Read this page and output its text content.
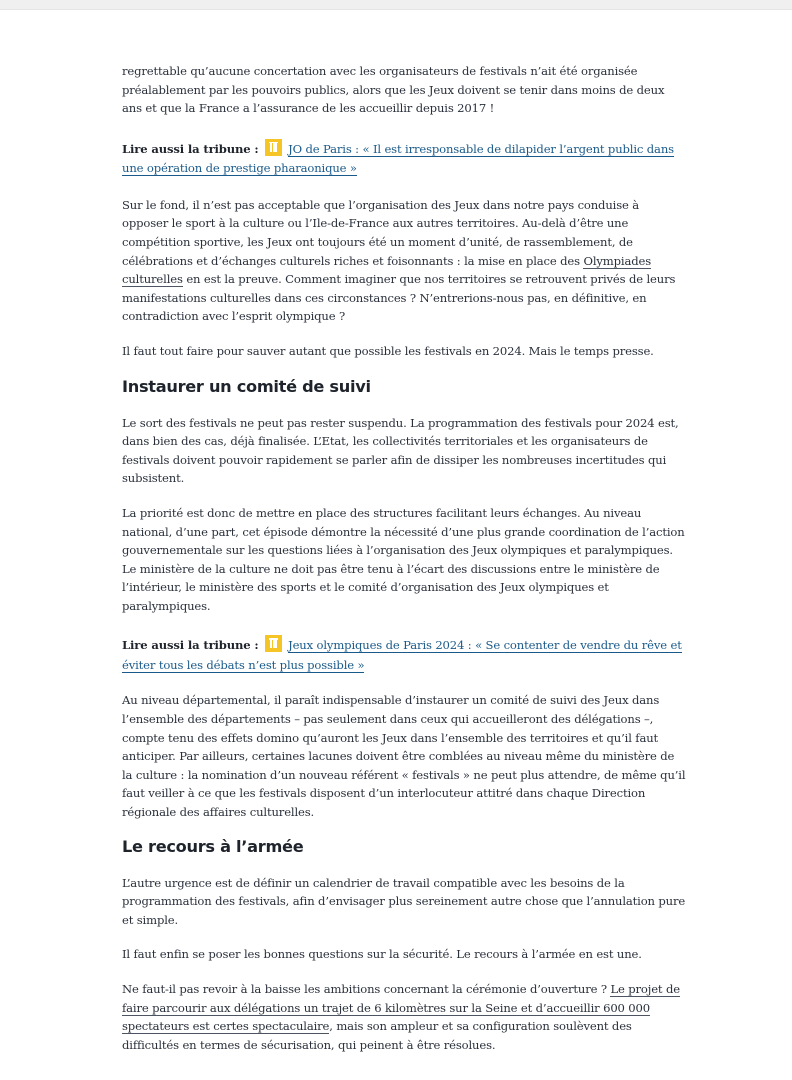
regrettable qu’aucune concertation avec les organisateurs de festivals n’ait été organisée préalablement par les pouvoirs publics, alors que les Jeux doivent se tenir dans moins de deux ans et que la France a l’assurance de les accueillir depuis 2017 !

Lire aussi la tribune :	JO de Paris : « Il est irresponsable de dilapider l’argent public dans une opération de prestige pharaonique »

Sur le fond, il n’est pas acceptable que l’organisation des Jeux dans notre pays conduise à opposer le sport à la culture ou l’Ile-de-France aux autres territoires. Au-delà d’être une compétition sportive, les Jeux ont toujours été un moment d’unité, de rassemblement, de célébrations et d’échanges culturels riches et foisonnants : la mise en place des Olympiades culturelles en est la preuve. Comment imaginer que nos territoires se retrouvent privés de leurs manifestations culturelles dans ces circonstances ? N’entrerions-nous pas, en définitive, en contradiction avec l’esprit olympique ?

Il faut tout faire pour sauver autant que possible les festivals en 2024. Mais le temps presse.

Instaurer un comité de suivi

Le sort des festivals ne peut pas rester suspendu. La programmation des festivals pour 2024 est, dans bien des cas, déjà finalisée. L’Etat, les collectivités territoriales et les organisateurs de festivals doivent pouvoir rapidement se parler afin de dissiper les nombreuses incertitudes qui subsistent.

La priorité est donc de mettre en place des structures facilitant leurs échanges. Au niveau national, d’une part, cet épisode démontre la nécessité d’une plus grande coordination de l’action gouvernementale sur les questions liées à l’organisation des Jeux olympiques et paralympiques. Le ministère de la culture ne doit pas être tenu à l’écart des discussions entre le ministère de l’intérieur, le ministère des sports et le comité d’organisation des Jeux olympiques et paralympiques.

Lire aussi la tribune :	Jeux olympiques de Paris 2024 : « Se contenter de vendre du rêve et éviter tous les débats n’est plus possible »

Au niveau départemental, il paraît indispensable d’instaurer un comité de suivi des Jeux dans l’ensemble des départements – pas seulement dans ceux qui accueilleront des délégations –, compte tenu des effets domino qu’auront les Jeux dans l’ensemble des territoires et qu’il faut anticiper. Par ailleurs, certaines lacunes doivent être comblées au niveau même du ministère de la culture : la nomination d’un nouveau référent « festivals » ne peut plus attendre, de même qu’il faut veiller à ce que les festivals disposent d’un interlocuteur attitré dans chaque Direction régionale des affaires culturelles.

Le recours à l’armée

L’autre urgence est de définir un calendrier de travail compatible avec les besoins de la programmation des festivals, afin d’envisager plus sereinement autre chose que l’annulation pure et simple.

Il faut enfin se poser les bonnes questions sur la sécurité. Le recours à l’armée en est une.

Ne faut-il pas revoir à la baisse les ambitions concernant la cérémonie d’ouverture ? Le projet de faire parcourir aux délégations un trajet de 6 kilomètres sur la Seine et d’accueillir 600 000 spectateurs est certes spectaculaire, mais son ampleur et sa configuration soulèvent des difficultés en termes de sécurisation, qui peinent à être résolues.
